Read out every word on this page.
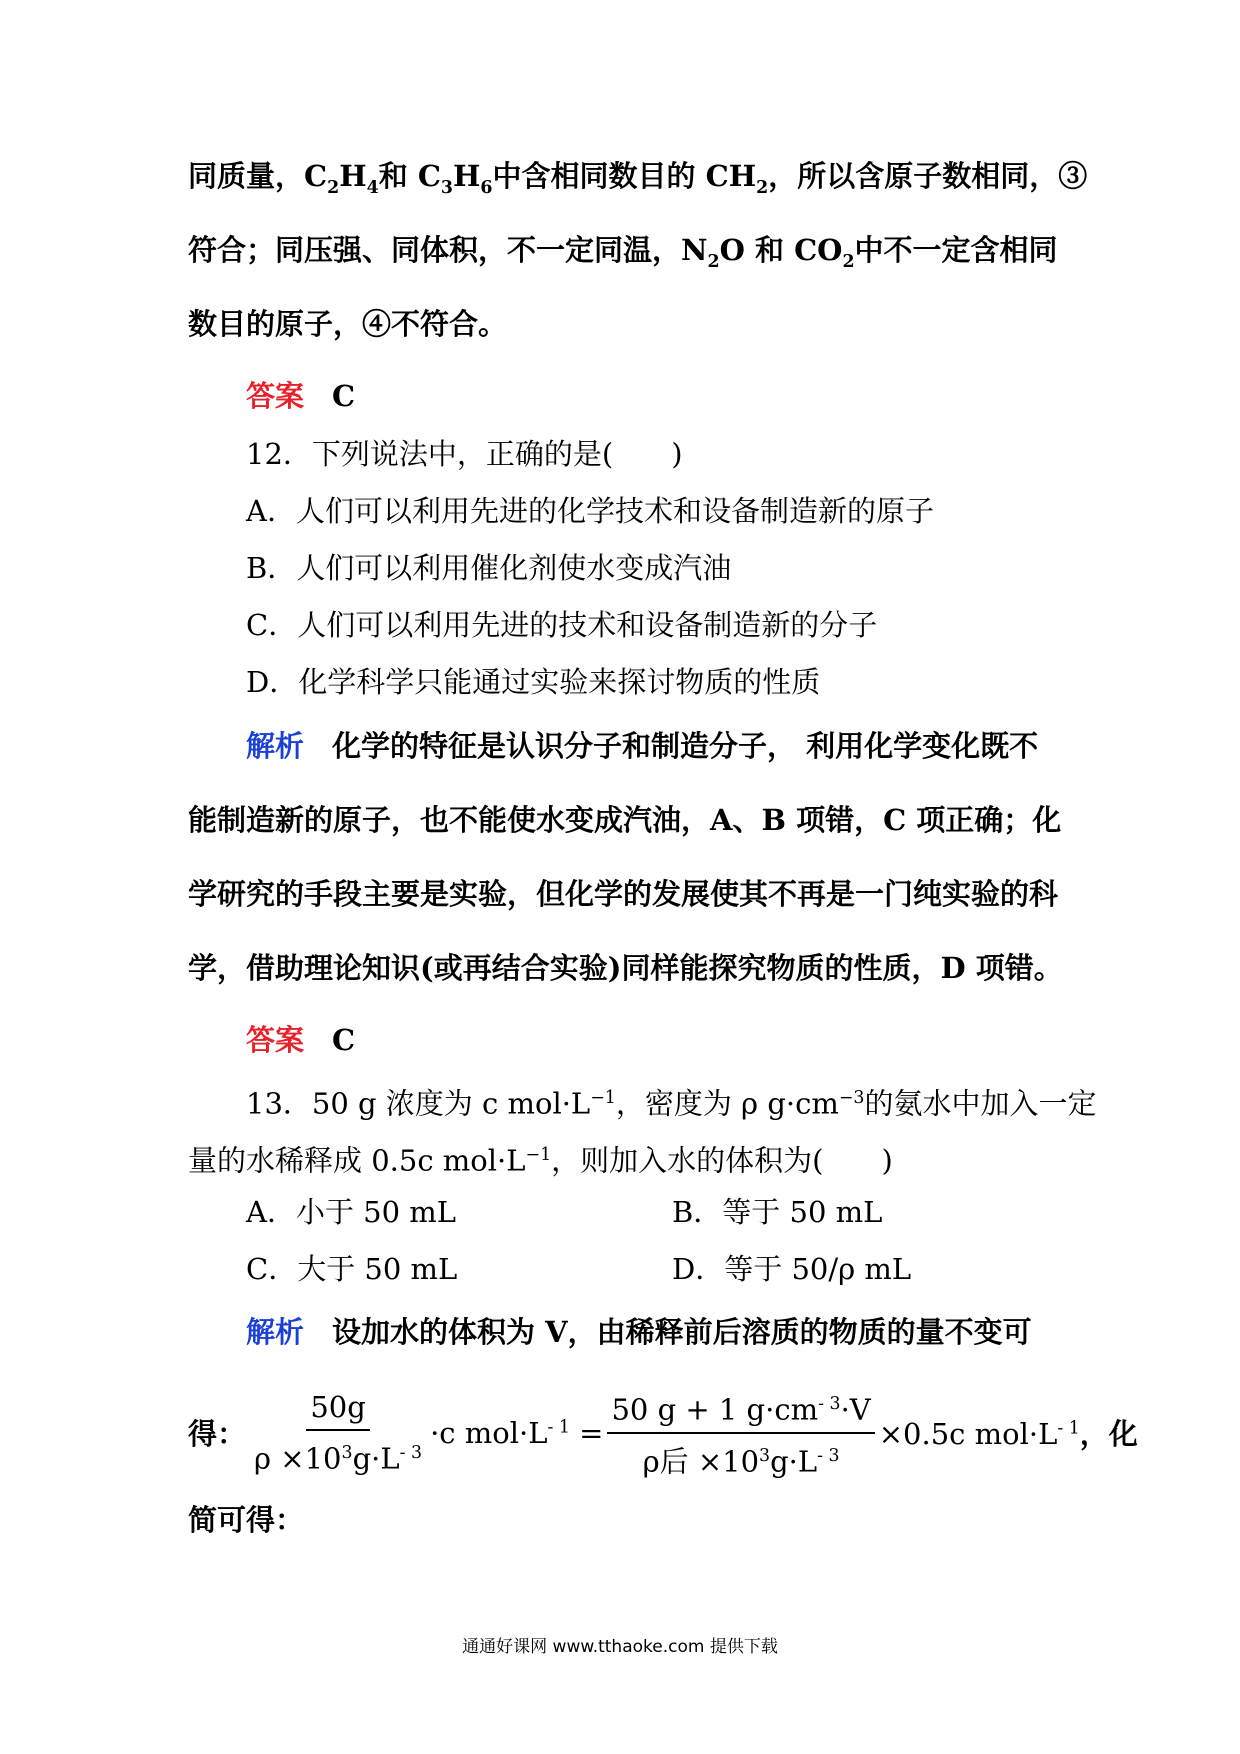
同质量，$C_2H_4$和 $C_3H_6$中含相同数目的 $CH_2$，所以含原子数相同，③
符合；同压强、同体积，不一定同温，$N_2O$ 和 $CO_2$中不一定含相同
数目的原子，④不符合。
答案 C
12．下列说法中，正确的是(　　)
A．人们可以利用先进的化学技术和设备制造新的原子
B．人们可以利用催化剂使水变成汽油
C．人们可以利用先进的技术和设备制造新的分子
D．化学科学只能通过实验来探讨物质的性质
解析 化学的特征是认识分子和制造分子， 利用化学变化既不
能制造新的原子，也不能使水变成汽油，A、B 项错，C 项正确；化
学研究的手段主要是实验，但化学的发展使其不再是一门纯实验的科
学，借助理论知识(或再结合实验)同样能探究物质的性质，D 项错。
答案 C
13．50 g 浓度为 c $mol\cdot L^{-1}$，密度为 ρ $g\cdot cm^{-3}$的氨水中加入一定
量的水稀释成 0.5c $mol\cdot L^{-1}$，则加入水的体积为(　　)
A．小于 50 mL	B．等于 50 mL
C．大于 50 mL	D．等于 50/ρ mL
解析 设加水的体积为 V，由稀释前后溶质的物质的量不变可
得： $\frac{50g}{\rho \times 10^3g\cdot L^{- 3}} \cdot c$ $mol\cdot L^{- 1} = \frac{50 g + 1 g\cdot cm^{- 3}\cdot V}{\rho 后 \times 10^3g\cdot L^{- 3}} \times 0.5c$ $mol\cdot L^{- 1}$，化
简可得：
通通好课网 www.tthaoke.com 提供下载
